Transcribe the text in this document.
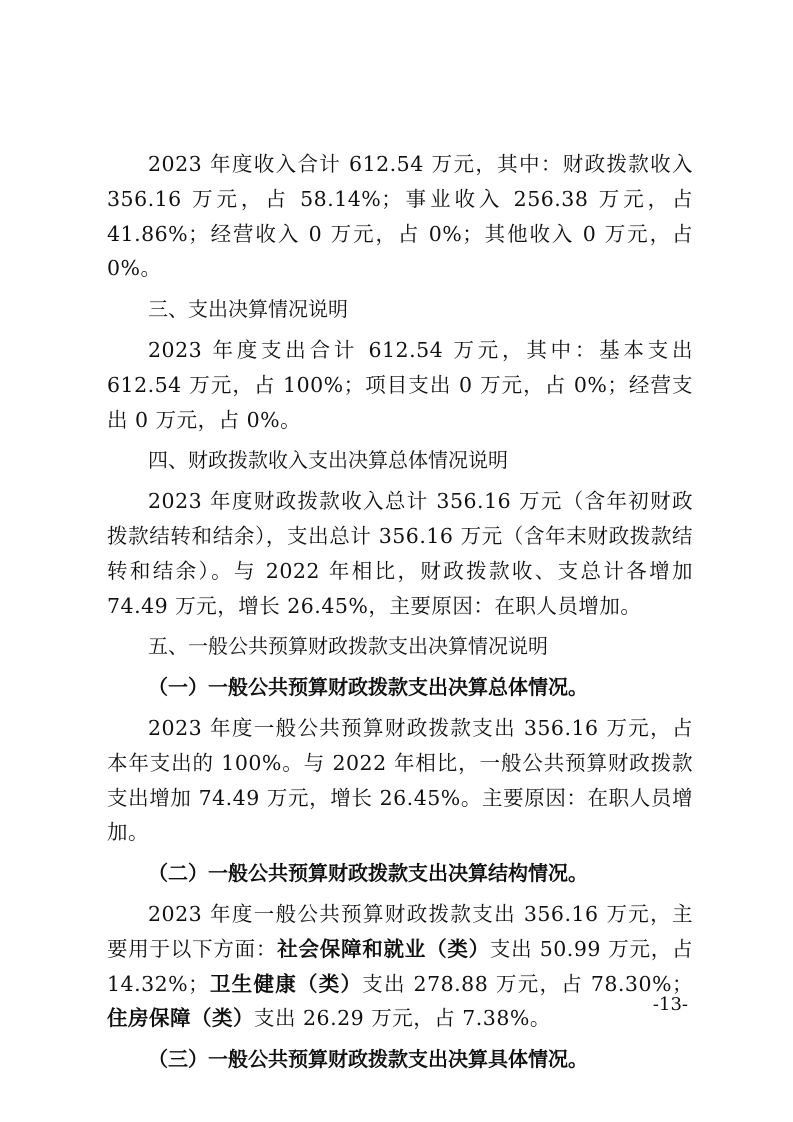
2023 年度收入合计 612.54 万元，其中：财政拨款收入 356.16 万元，占 58.14%；事业收入 256.38 万元，占 41.86%；经营收入 0 万元，占 0%；其他收入 0 万元，占 0%。

三、支出决算情况说明

2023 年度支出合计 612.54 万元，其中：基本支出 612.54 万元，占 100%；项目支出 0 万元，占 0%；经营支出 0 万元，占 0%。

四、财政拨款收入支出决算总体情况说明

2023 年度财政拨款收入总计 356.16 万元（含年初财政拨款结转和结余），支出总计 356.16 万元（含年末财政拨款结转和结余）。与 2022 年相比，财政拨款收、支总计各增加 74.49 万元，增长 26.45%，主要原因：在职人员增加。

五、一般公共预算财政拨款支出决算情况说明

（一）一般公共预算财政拨款支出决算总体情况。

2023 年度一般公共预算财政拨款支出 356.16 万元，占本年支出的 100%。与 2022 年相比，一般公共预算财政拨款支出增加 74.49 万元，增长 26.45%。主要原因：在职人员增加。

（二）一般公共预算财政拨款支出决算结构情况。

2023 年度一般公共预算财政拨款支出 356.16 万元，主要用于以下方面：社会保障和就业（类）支出 50.99 万元，占 14.32%；卫生健康（类）支出 278.88 万元，占 78.30%；住房保障（类）支出 26.29 万元，占 7.38%。

（三）一般公共预算财政拨款支出决算具体情况。

-13-
